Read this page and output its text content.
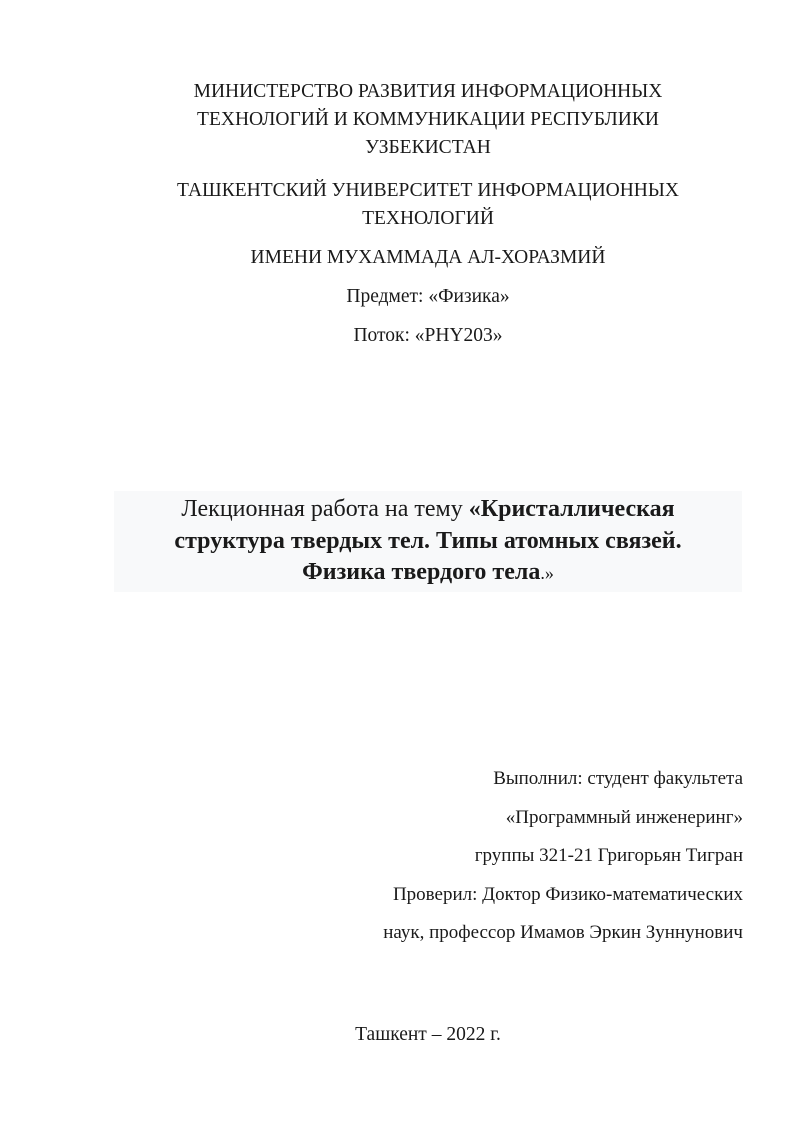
МИНИСТЕРСТВО РАЗВИТИЯ ИНФОРМАЦИОННЫХ
ТЕХНОЛОГИЙ И КОММУНИКАЦИИ РЕСПУБЛИКИ
УЗБЕКИСТАН
ТАШКЕНТСКИЙ УНИВЕРСИТЕТ ИНФОРМАЦИОННЫХ
ТЕХНОЛОГИЙ
ИМЕНИ МУХАММАДА АЛ-ХОРАЗМИЙ
Предмет: «Физика»
Поток: «PHY203»
Лекционная работа на тему «Кристаллическая
структура твердых тел. Типы атомных связей.
Физика твердого тела.»
Выполнил: студент факультета
«Программный инженеринг»
группы 321-21 Григорьян Тигран
Проверил: Доктор Физико-математических
наук, профессор Имамов Эркин Зуннунович
Ташкент – 2022 г.
